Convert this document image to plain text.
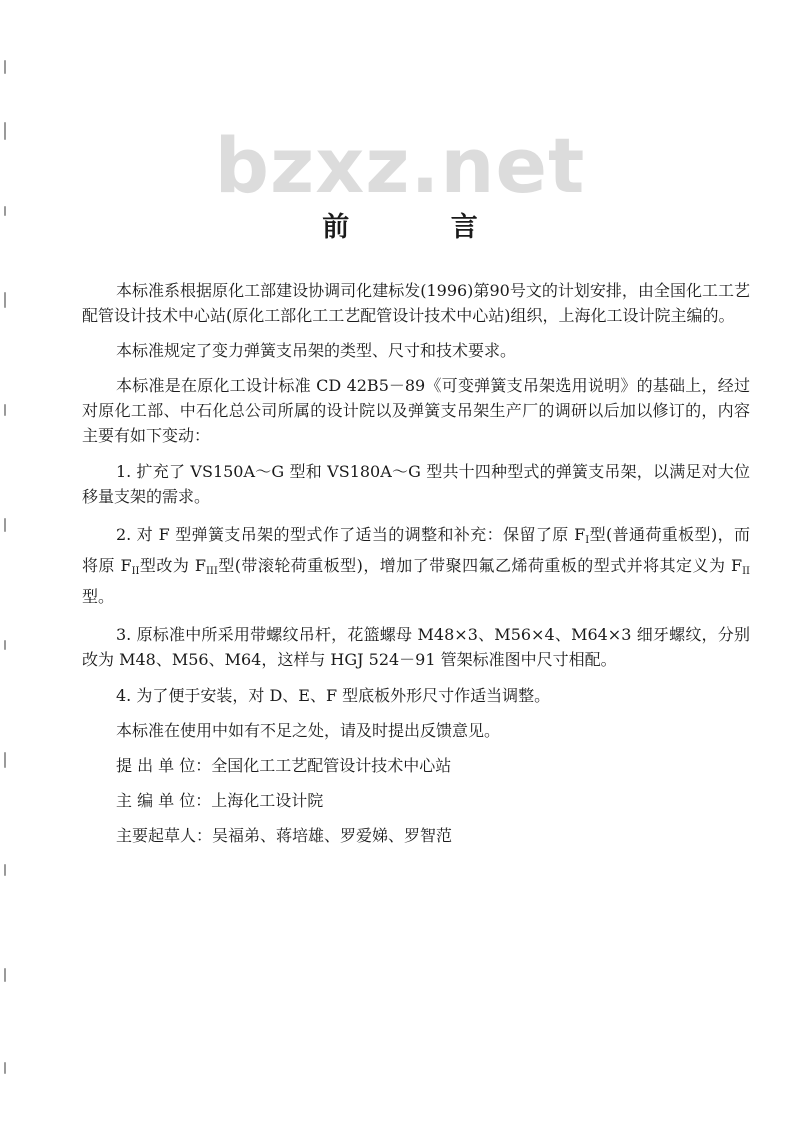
bzxz.net
前 言

本标准系根据原化工部建设协调司化建标发(1996)第90号文的计划安排，由全国化工工艺配管设计技术中心站(原化工部化工工艺配管设计技术中心站)组织，上海化工设计院主编的。

本标准规定了变力弹簧支吊架的类型、尺寸和技术要求。

本标准是在原化工设计标准 CD 42B5－89《可变弹簧支吊架选用说明》的基础上，经过对原化工部、中石化总公司所属的设计院以及弹簧支吊架生产厂的调研以后加以修订的，内容主要有如下变动：

1. 扩充了 VS150A～G 型和 VS180A～G 型共十四种型式的弹簧支吊架，以满足对大位移量支架的需求。

2. 对 F 型弹簧支吊架的型式作了适当的调整和补充：保留了原 $F_I$型(普通荷重板型)，而将原 $F_{II}$型改为 $F_{III}$型(带滚轮荷重板型)，增加了带聚四氟乙烯荷重板的型式并将其定义为 $F_{II}$型。

3. 原标准中所采用带螺纹吊杆，花篮螺母 M48×3、M56×4、M64×3 细牙螺纹，分别改为 M48、M56、M64，这样与 HGJ 524－91 管架标准图中尺寸相配。

4. 为了便于安装，对 D、E、F 型底板外形尺寸作适当调整。

本标准在使用中如有不足之处，请及时提出反馈意见。

提 出 单 位：全国化工工艺配管设计技术中心站

主 编 单 位：上海化工设计院

主要起草人：吴福弟、蒋培雄、罗爱娣、罗智范
